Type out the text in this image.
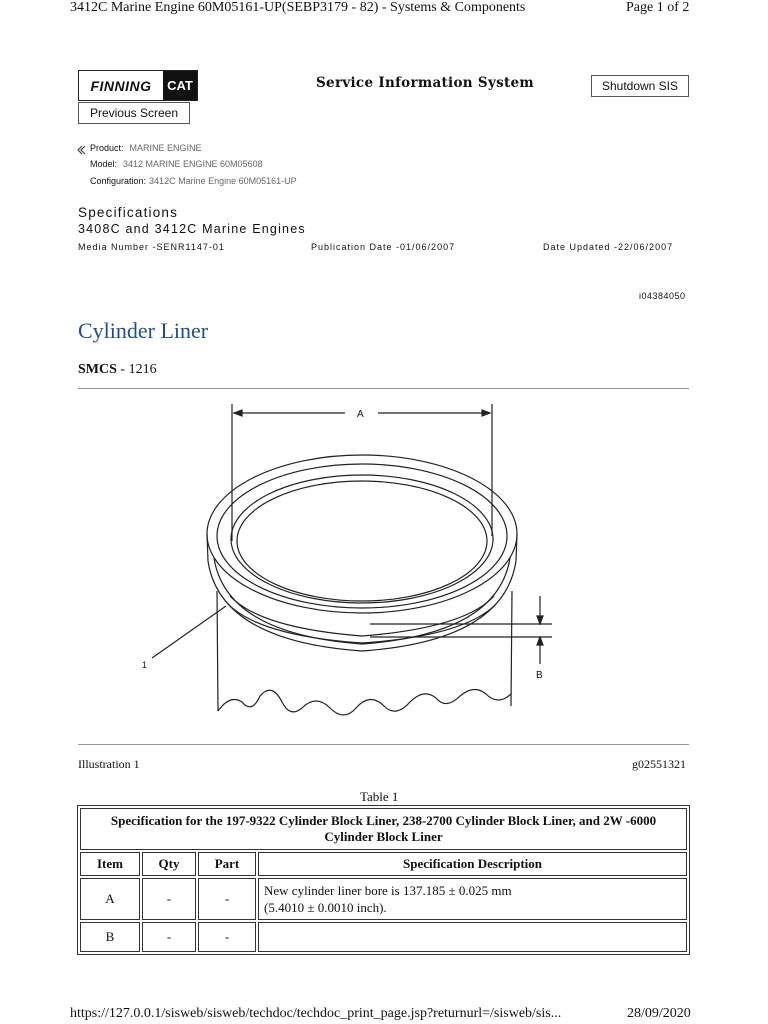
3412C Marine Engine 60M05161-UP(SEBP3179 - 82) - Systems & Components	Page 1 of 2
FINNING	CAT	Service Information System	Shutdown SIS
Previous Screen
Product: MARINE ENGINE
Model: 3412 MARINE ENGINE 60M05608
Configuration: 3412C Marine Engine 60M05161-UP
Specifications
3408C and 3412C Marine Engines
Media Number -SENR1147-01	Publication Date -01/06/2007	Date Updated -22/06/2007
i04384050
Cylinder Liner
SMCS - 1216
A
B
1
Illustration 1	g02551321
Table 1
Specification for the 197-9322 Cylinder Block Liner, 238-2700 Cylinder Block Liner, and 2W -6000 Cylinder Block Liner			
Item	Qty	Part	Specification Description
A	-	-	New cylinder liner bore is 137.185 ± 0.025 mm
(5.4010 ± 0.0010 inch).

B	-	-	
https://127.0.0.1/sisweb/sisweb/techdoc/techdoc_print_page.jsp?returnurl=/sisweb/sis...	28/09/2020
